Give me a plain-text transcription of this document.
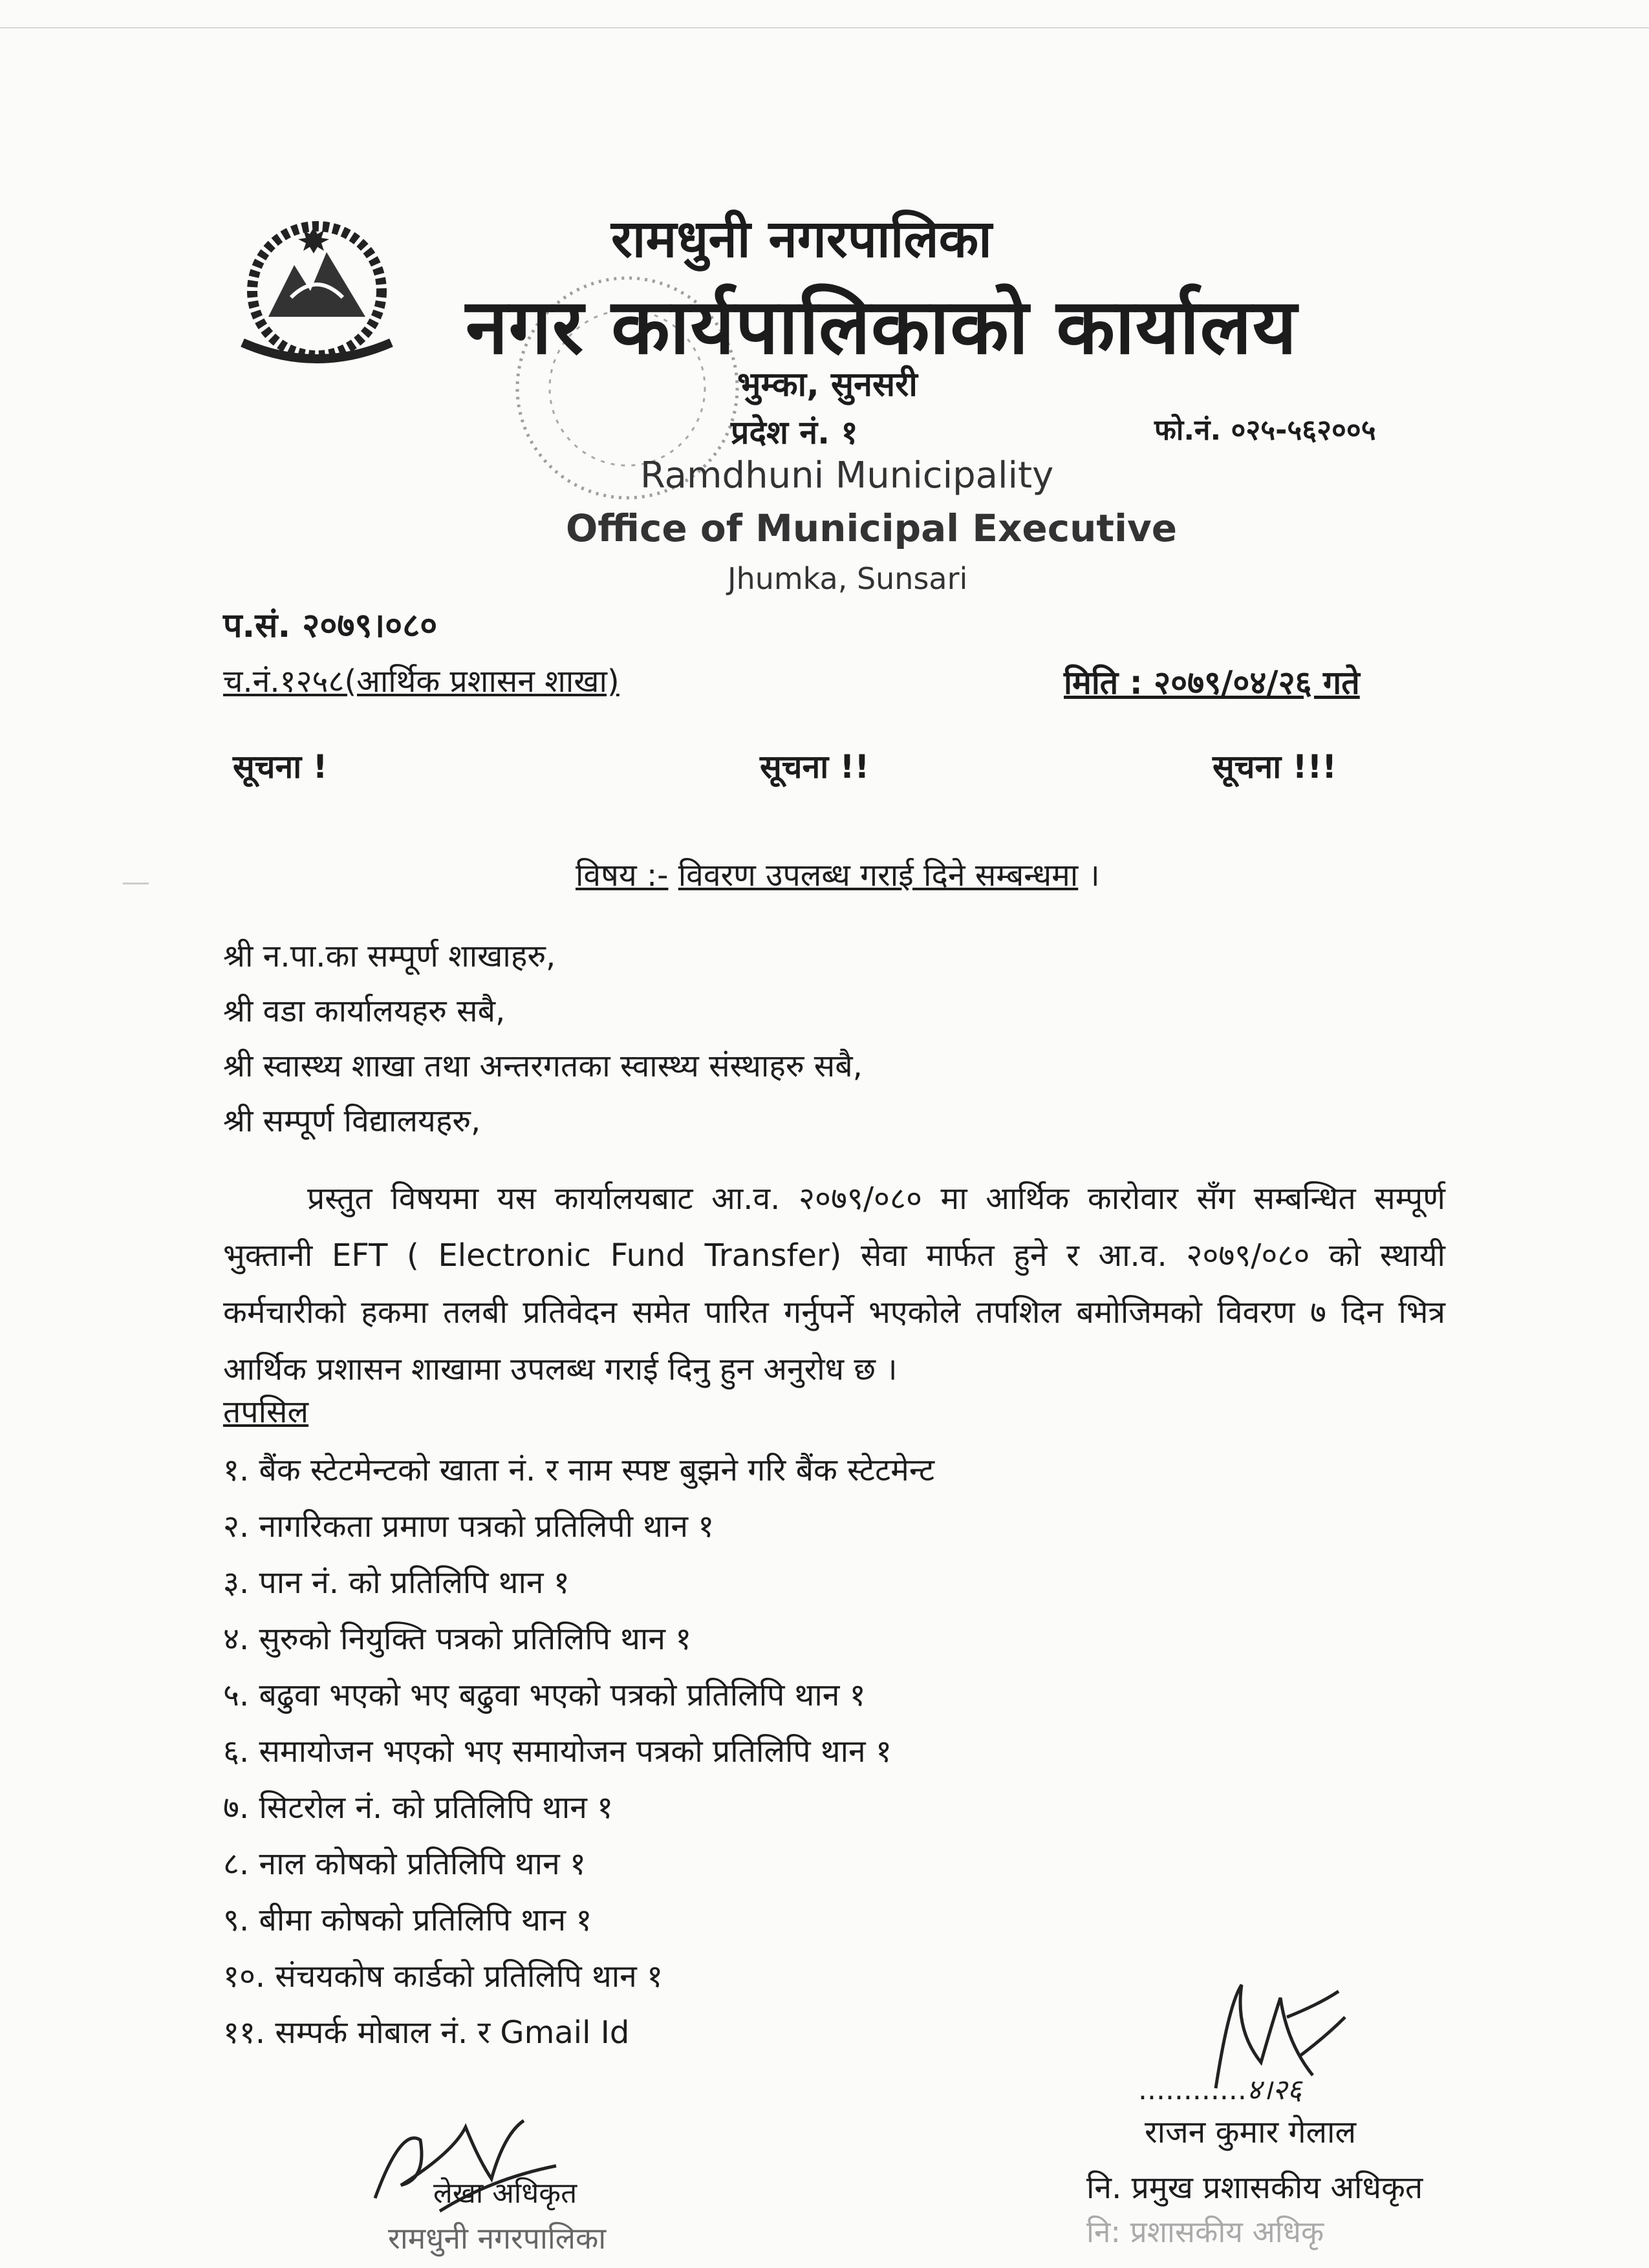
रामधुनी नगरपालिका
नगर कार्यपालिकाको कार्यालय
भुम्का, सुनसरी
प्रदेश नं. १	फो.नं. ०२५-५६२००५
Ramdhuni Municipality
Office of Municipal Executive
Jhumka, Sunsari
प.सं. २०७९।०८०
च.नं.१२५८(आर्थिक प्रशासन शाखा)	मिति : २०७९/०४/२६ गते
सूचना !	सूचना !!	सूचना !!!
विषय :- विवरण उपलब्ध गराई दिने सम्बन्धमा ।
श्री न.पा.का सम्पूर्ण शाखाहरु,
श्री वडा कार्यालयहरु सबै,
श्री स्वास्थ्य शाखा तथा अन्तरगतका स्वास्थ्य संस्थाहरु सबै,
श्री सम्पूर्ण विद्यालयहरु,
प्रस्तुत विषयमा यस कार्यालयबाट आ.व. २०७९/०८० मा आर्थिक कारोवार सँग सम्बन्धित सम्पूर्ण भुक्तानी EFT ( Electronic Fund Transfer) सेवा मार्फत हुने र आ.व. २०७९/०८० को स्थायी कर्मचारीको हकमा तलबी प्रतिवेदन समेत पारित गर्नुपर्ने भएकोले तपशिल बमोजिमको विवरण ७ दिन भित्र आर्थिक प्रशासन शाखामा उपलब्ध गराई दिनु हुन अनुरोध छ ।
तपसिल
१. बैंक स्टेटमेन्टको खाता नं. र नाम स्पष्ट बुझने गरि बैंक स्टेटमेन्ट
२. नागरिकता प्रमाण पत्रको प्रतिलिपी थान १
३. पान नं. को प्रतिलिपि थान १
४. सुरुको नियुक्ति पत्रको प्रतिलिपि थान १
५. बढुवा भएको भए बढुवा भएको पत्रको प्रतिलिपि थान १
६. समायोजन भएको भए समायोजन पत्रको प्रतिलिपि थान १
७. सिटरोल नं. को प्रतिलिपि थान १
८. नाल कोषको प्रतिलिपि थान १
९. बीमा कोषको प्रतिलिपि थान १
१०. संचयकोष कार्डको प्रतिलिपि थान १
११. सम्पर्क मोबाल नं. र Gmail Id
............४।२६
राजन कुमार गेलाल
नि. प्रमुख प्रशासकीय अधिकृत
नि: प्रशासकीय अधिकृ
लेखा अधिकृत
रामधुनी नगरपालिका
